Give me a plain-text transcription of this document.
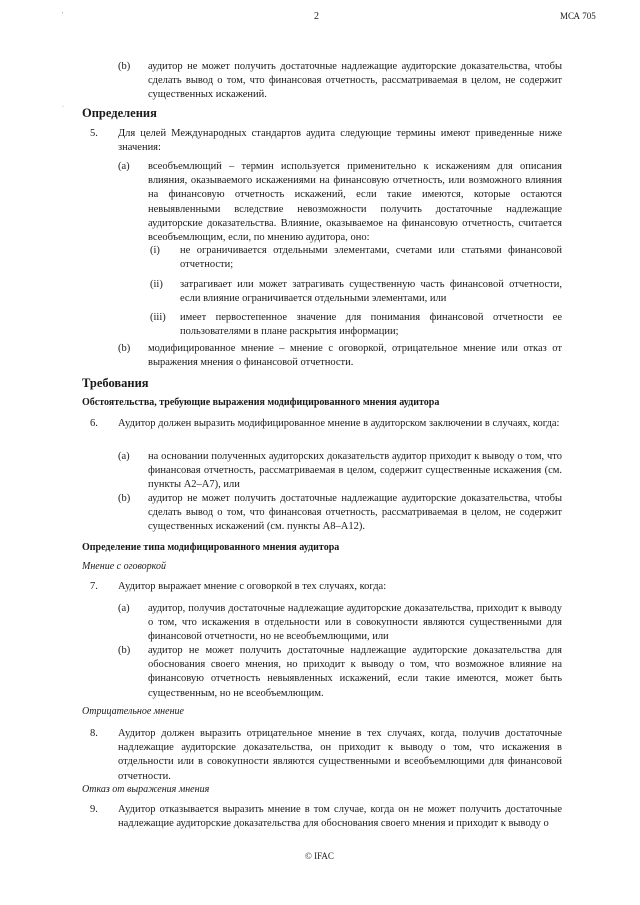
'
·
2	МСА 705
(b) аудитор не может получить достаточные надлежащие аудиторские доказательства, чтобы сделать вывод о том, что финансовая отчетность, рассматриваемая в целом, не содержит существенных искажений.
Определения
5. Для целей Международных стандартов аудита следующие термины имеют приведенные ниже значения:
(a) всеобъемлющий – термин используется применительно к искажениям для описания влияния, оказываемого искажениями на финансовую отчетность, или возможного влияния на финансовую отчетность искажений, если такие имеются, которые остаются невыявленными вследствие невозможности получить достаточные надлежащие аудиторские доказательства. Влияние, оказываемое на финансовую отчетность, считается всеобъемлющим, если, по мнению аудитора, оно:
(i) не ограничивается отдельными элементами, счетами или статьями финансовой отчетности;
(ii) затрагивает или может затрагивать существенную часть финансовой отчетности, если влияние ограничивается отдельными элементами, или
(iii) имеет первостепенное значение для понимания финансовой отчетности ее пользователями в плане раскрытия информации;
(b) модифицированное мнение – мнение с оговоркой, отрицательное мнение или отказ от выражения мнения о финансовой отчетности.
Требования
Обстоятельства, требующие выражения модифицированного мнения аудитора
6. Аудитор должен выразить модифицированное мнение в аудиторском заключении в случаях, когда:
(a) на основании полученных аудиторских доказательств аудитор приходит к выводу о том, что финансовая отчетность, рассматриваемая в целом, содержит существенные искажения (см. пункты А2–А7), или
(b) аудитор не может получить достаточные надлежащие аудиторские доказательства, чтобы сделать вывод о том, что финансовая отчетность, рассматриваемая в целом, не содержит существенных искажений (см. пункты А8–А12).
Определение типа модифицированного мнения аудитора
Мнение с оговоркой
7. Аудитор выражает мнение с оговоркой в тех случаях, когда:
(a) аудитор, получив достаточные надлежащие аудиторские доказательства, приходит к выводу о том, что искажения в отдельности или в совокупности являются существенными для финансовой отчетности, но не всеобъемлющими, или
(b) аудитор не может получить достаточные надлежащие аудиторские доказательства для обоснования своего мнения, но приходит к выводу о том, что возможное влияние на финансовую отчетность невыявленных искажений, если такие имеются, может быть существенным, но не всеобъемлющим.
Отрицательное мнение
8. Аудитор должен выразить отрицательное мнение в тех случаях, когда, получив достаточные надлежащие аудиторские доказательства, он приходит к выводу о том, что искажения в отдельности или в совокупности являются существенными и всеобъемлющими для финансовой отчетности.
Отказ от выражения мнения
9. Аудитор отказывается выразить мнение в том случае, когда он не может получить достаточные надлежащие аудиторские доказательства для обоснования своего мнения и приходит к выводу о
© IFAC
